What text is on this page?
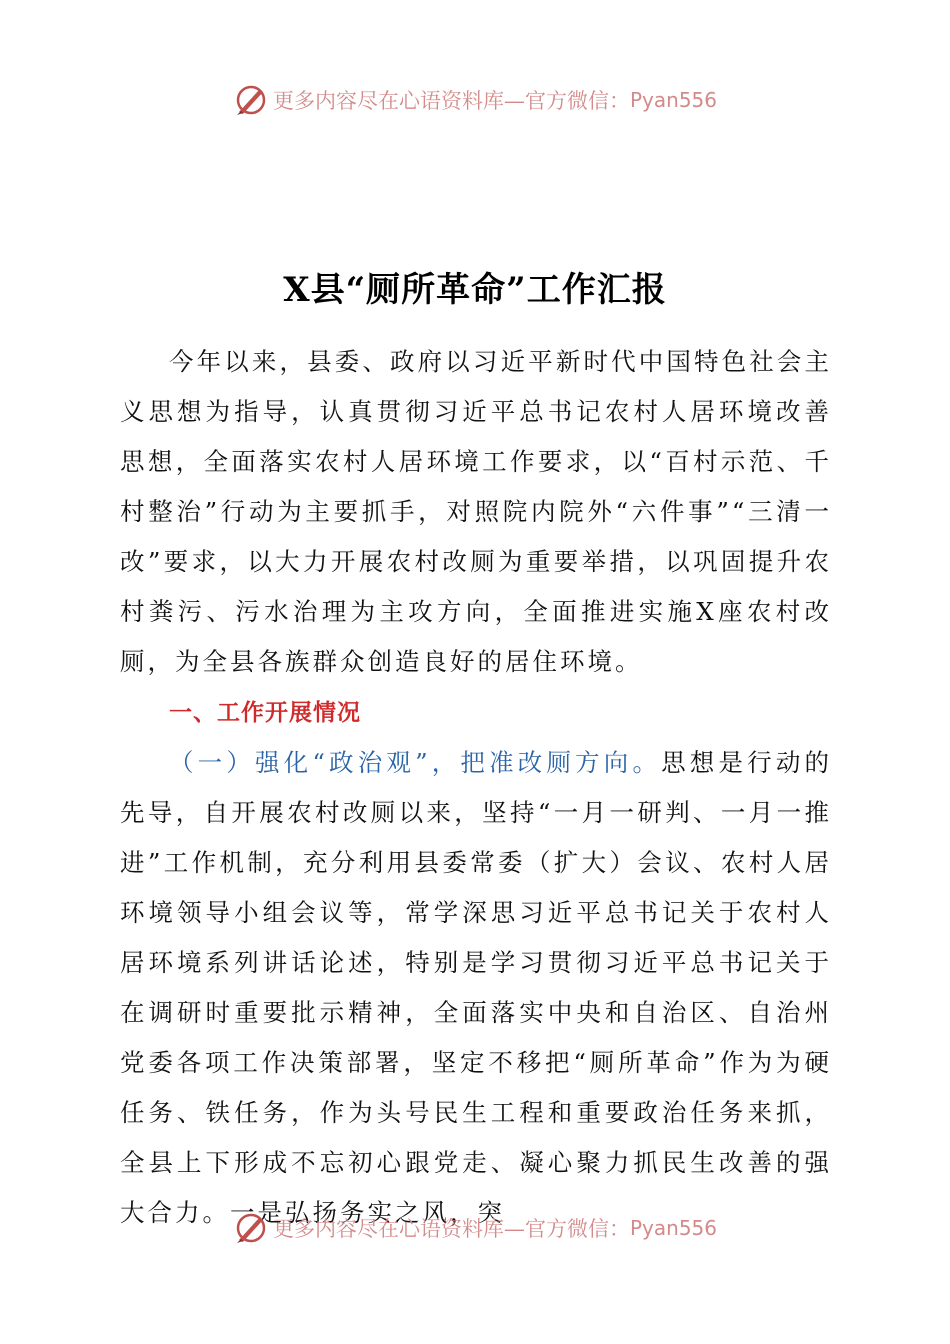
更多内容尽在心语资料库—官方微信： Pyan556
X县“厕所革命”工作汇报

今年以来，县委、政府以习近平新时代中国特色社会主义思想为指导，认真贯彻习近平总书记农村人居环境改善思想，全面落实农村人居环境工作要求，以“百村示范、千村整治”行动为主要抓手，对照院内院外“六件事”“三清一改”要求，以大力开展农村改厕为重要举措，以巩固提升农村粪污、污水治理为主攻方向，全面推进实施X座农村改厕，为全县各族群众创造良好的居住环境。

一、工作开展情况

（一）强化“政治观”，把准改厕方向。思想是行动的先导，自开展农村改厕以来，坚持“一月一研判、一月一推进”工作机制，充分利用县委常委（扩大）会议、农村人居环境领导小组会议等，常学深思习近平总书记关于农村人居环境系列讲话论述，特别是学习贯彻习近平总书记关于在调研时重要批示精神，全面落实中央和自治区、自治州党委各项工作决策部署，坚定不移把“厕所革命”作为为硬任务、铁任务，作为头号民生工程和重要政治任务来抓，全县上下形成不忘初心跟党走、凝心聚力抓民生改善的强大合力。一是弘扬务实之风，突

更多内容尽在心语资料库—官方微信： Pyan556
